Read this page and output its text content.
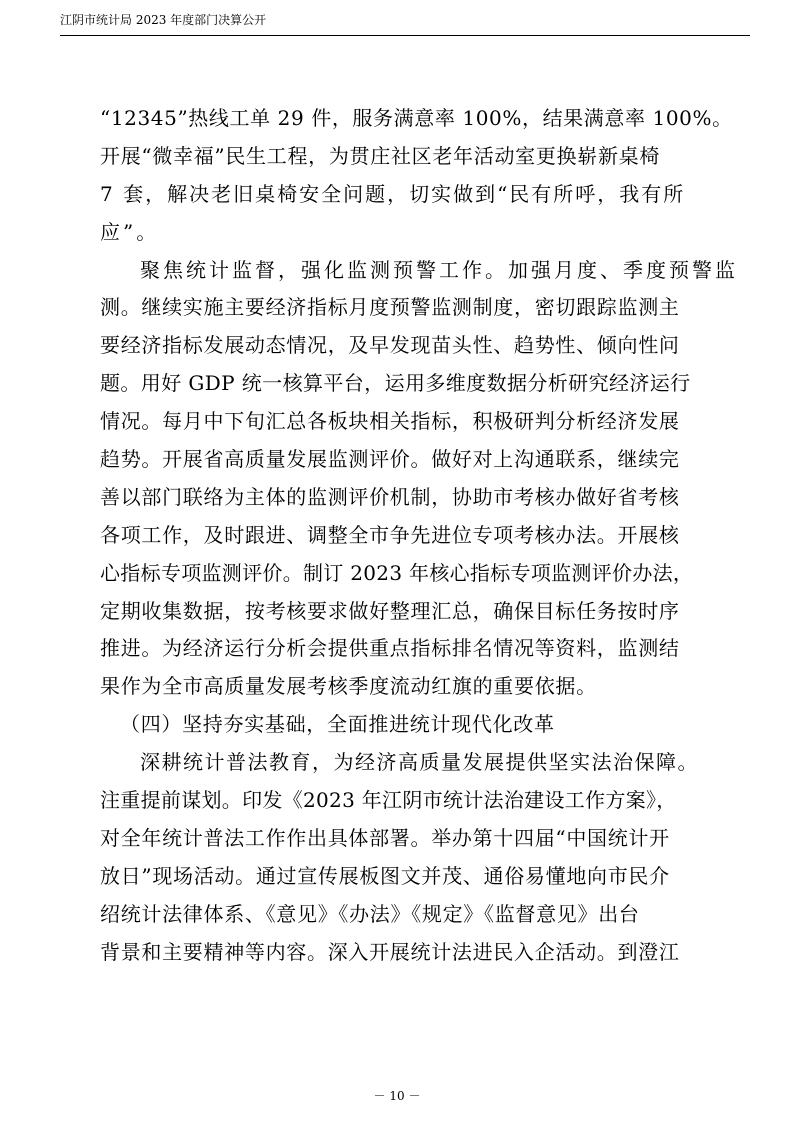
江阴市统计局 2023 年度部门决算公开
“12345”热线工单 29 件，服务满意率 100%，结果满意率 100%。
开展“微幸福”民生工程，为贯庄社区老年活动室更换崭新桌椅
7 套，解决老旧桌椅安全问题，切实做到“民有所呼，我有所
应”。
聚焦统计监督，强化监测预警工作。加强月度、季度预警监
测。继续实施主要经济指标月度预警监测制度，密切跟踪监测主
要经济指标发展动态情况，及早发现苗头性、趋势性、倾向性问
题。用好 GDP 统一核算平台，运用多维度数据分析研究经济运行
情况。每月中下旬汇总各板块相关指标，积极研判分析经济发展
趋势。开展省高质量发展监测评价。做好对上沟通联系，继续完
善以部门联络为主体的监测评价机制，协助市考核办做好省考核
各项工作，及时跟进、调整全市争先进位专项考核办法。开展核
心指标专项监测评价。制订 2023 年核心指标专项监测评价办法，
定期收集数据，按考核要求做好整理汇总，确保目标任务按时序
推进。为经济运行分析会提供重点指标排名情况等资料，监测结
果作为全市高质量发展考核季度流动红旗的重要依据。
（四）坚持夯实基础，全面推进统计现代化改革
深耕统计普法教育，为经济高质量发展提供坚实法治保障。
注重提前谋划。印发《2023 年江阴市统计法治建设工作方案》，
对全年统计普法工作作出具体部署。举办第十四届“中国统计开
放日”现场活动。通过宣传展板图文并茂、通俗易懂地向市民介
绍统计法律体系、《意见》《办法》《规定》《监督意见》出台
背景和主要精神等内容。深入开展统计法进民入企活动。到澄江
－ 10 －
